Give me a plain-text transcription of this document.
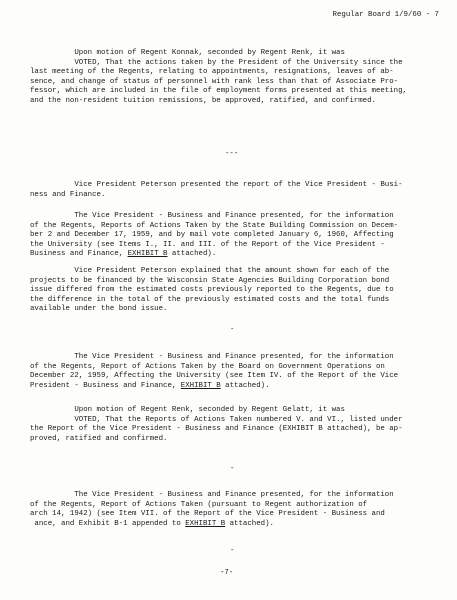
Regular Board 1/9/60 - 7
Upon motion of Regent Konnak, seconded by Regent Renk, it was
VOTED, That the actions taken by the President of the University since the
last meeting of the Regents, relating to appointments, resignations, leaves of ab-
sence, and change of status of personnel with rank less than that of Associate Pro-
fessor, which are included in the file of employment forms presented at this meeting,
and the non-resident tuition remissions, be approved, ratified, and confirmed.
---
Vice President Peterson presented the report of the Vice President - Busi-
ness and Finance.
The Vice President - Business and Finance presented, for the information
of the Regents, Reports of Actions Taken by the State Building Commission on Decem-
ber 2 and December 17, 1959, and by mail vote completed January 6, 1960, Affecting
the University (see Items I., II. and III. of the Report of the Vice President -
Business and Finance, EXHIBIT B attached).
Vice President Peterson explained that the amount shown for each of the
projects to be financed by the Wisconsin State Agencies Building Corporation bond
issue differed from the estimated costs previously reported to the Regents, due to
the difference in the total of the previously estimated costs and the total funds
available under the bond issue.
-
The Vice President - Business and Finance presented, for the information
of the Regents, Report of Actions Taken by the Board on Government Operations on
December 22, 1959, Affecting the University (see Item IV. of the Report of the Vice
President - Business and Finance, EXHIBIT B attached).
Upon motion of Regent Renk, seconded by Regent Gelatt, it was
VOTED, That the Reports of Actions Taken numbered V. and VI., listed under
the Report of the Vice President - Business and Finance (EXHIBIT B attached), be ap-
proved, ratified and confirmed.
-
The Vice President - Business and Finance presented, for the information
of the Regents, Report of Actions Taken (pursuant to Regent authorization of
arch 14, 1942) (see Item VII. of the Report of the Vice President - Business and
ance, and Exhibit B-1 appended to EXHIBIT B attached).
-
-7-
